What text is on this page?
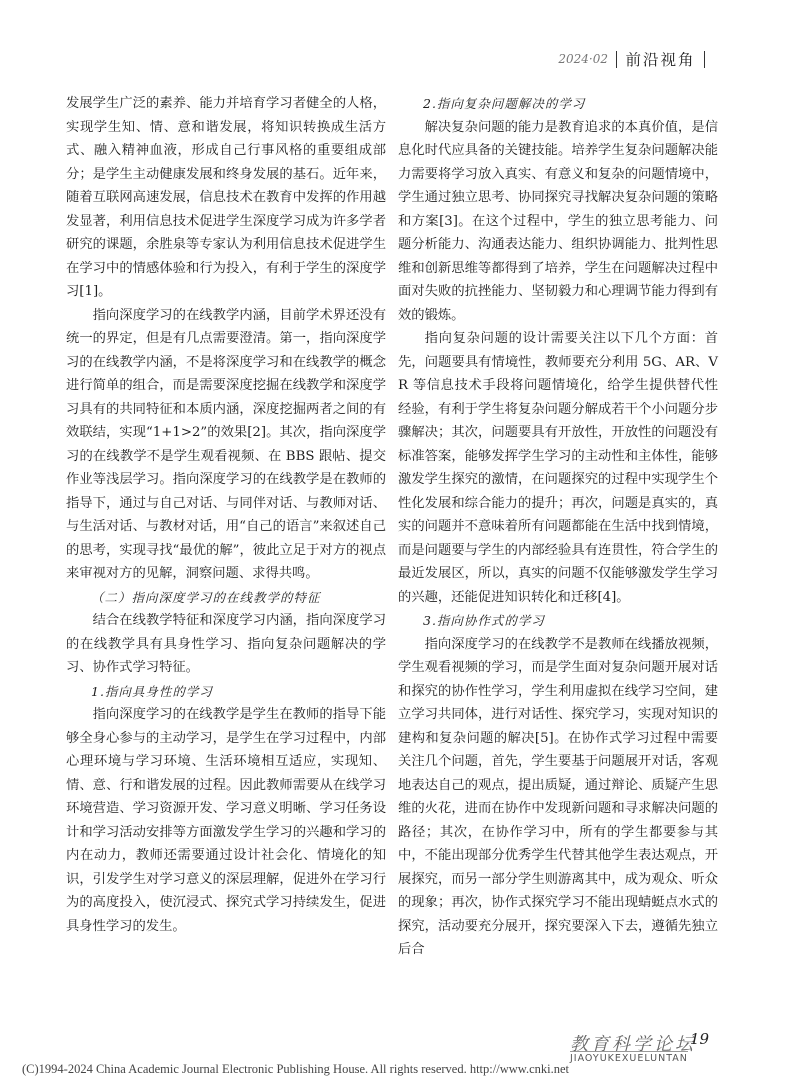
2024·02 前沿视角

发展学生广泛的素养、能力并培育学习者健全的人格，实现学生知、情、意和谐发展，将知识转换成生活方式、融入精神血液，形成自己行事风格的重要组成部分；是学生主动健康发展和终身发展的基石。近年来，随着互联网高速发展，信息技术在教育中发挥的作用越发显著，利用信息技术促进学生深度学习成为许多学者研究的课题，余胜泉等专家认为利用信息技术促进学生在学习中的情感体验和行为投入，有利于学生的深度学习[1]。

指向深度学习的在线教学内涵，目前学术界还没有统一的界定，但是有几点需要澄清。第一，指向深度学习的在线教学内涵，不是将深度学习和在线教学的概念进行简单的组合，而是需要深度挖掘在线教学和深度学习具有的共同特征和本质内涵，深度挖掘两者之间的有效联结，实现“1+1>2”的效果[2]。其次，指向深度学习的在线教学不是学生观看视频、在 BBS 跟帖、提交作业等浅层学习。指向深度学习的在线教学是在教师的指导下，通过与自己对话、与同伴对话、与教师对话、与生活对话、与教材对话，用“自己的语言”来叙述自己的思考，实现寻找“最优的解”，彼此立足于对方的视点来审视对方的见解，洞察问题、求得共鸣。

（二）指向深度学习的在线教学的特征

结合在线教学特征和深度学习内涵，指向深度学习的在线教学具有具身性学习、指向复杂问题解决的学习、协作式学习特征。

1.指向具身性的学习

指向深度学习的在线教学是学生在教师的指导下能够全身心参与的主动学习，是学生在学习过程中，内部心理环境与学习环境、生活环境相互适应，实现知、情、意、行和谐发展的过程。因此教师需要从在线学习环境营造、学习资源开发、学习意义明晰、学习任务设计和学习活动安排等方面激发学生学习的兴趣和学习的内在动力，教师还需要通过设计社会化、情境化的知识，引发学生对学习意义的深层理解，促进外在学习行为的高度投入，使沉浸式、探究式学习持续发生，促进具身性学习的发生。

2.指向复杂问题解决的学习

解决复杂问题的能力是教育追求的本真价值，是信息化时代应具备的关键技能。培养学生复杂问题解决能力需要将学习放入真实、有意义和复杂的问题情境中，学生通过独立思考、协同探究寻找解决复杂问题的策略和方案[3]。在这个过程中，学生的独立思考能力、问题分析能力、沟通表达能力、组织协调能力、批判性思维和创新思维等都得到了培养，学生在问题解决过程中面对失败的抗挫能力、坚韧毅力和心理调节能力得到有效的锻炼。

指向复杂问题的设计需要关注以下几个方面：首先，问题要具有情境性，教师要充分利用 5G、AR、VR 等信息技术手段将问题情境化，给学生提供替代性经验，有利于学生将复杂问题分解成若干个小问题分步骤解决；其次，问题要具有开放性，开放性的问题没有标准答案，能够发挥学生学习的主动性和主体性，能够激发学生探究的激情，在问题探究的过程中实现学生个性化发展和综合能力的提升；再次，问题是真实的，真实的问题并不意味着所有问题都能在生活中找到情境，而是问题要与学生的内部经验具有连贯性，符合学生的最近发展区，所以，真实的问题不仅能够激发学生学习的兴趣，还能促进知识转化和迁移[4]。

3.指向协作式的学习

指向深度学习的在线教学不是教师在线播放视频，学生观看视频的学习，而是学生面对复杂问题开展对话和探究的协作性学习，学生利用虚拟在线学习空间，建立学习共同体，进行对话性、探究学习，实现对知识的建构和复杂问题的解决[5]。在协作式学习过程中需要关注几个问题，首先，学生要基于问题展开对话，客观地表达自己的观点，提出质疑，通过辩论、质疑产生思维的火花，进而在协作中发现新问题和寻求解决问题的路径；其次，在协作学习中，所有的学生都要参与其中，不能出现部分优秀学生代替其他学生表达观点，开展探究，而另一部分学生则游离其中，成为观众、听众的现象；再次，协作式探究学习不能出现蜻蜓点水式的探究，活动要充分展开，探究要深入下去，遵循先独立后合

教育科学论坛
19
JIAOYUKEXUELUNTAN
(C)1994-2024 China Academic Journal Electronic Publishing House. All rights reserved. http://www.cnki.net
